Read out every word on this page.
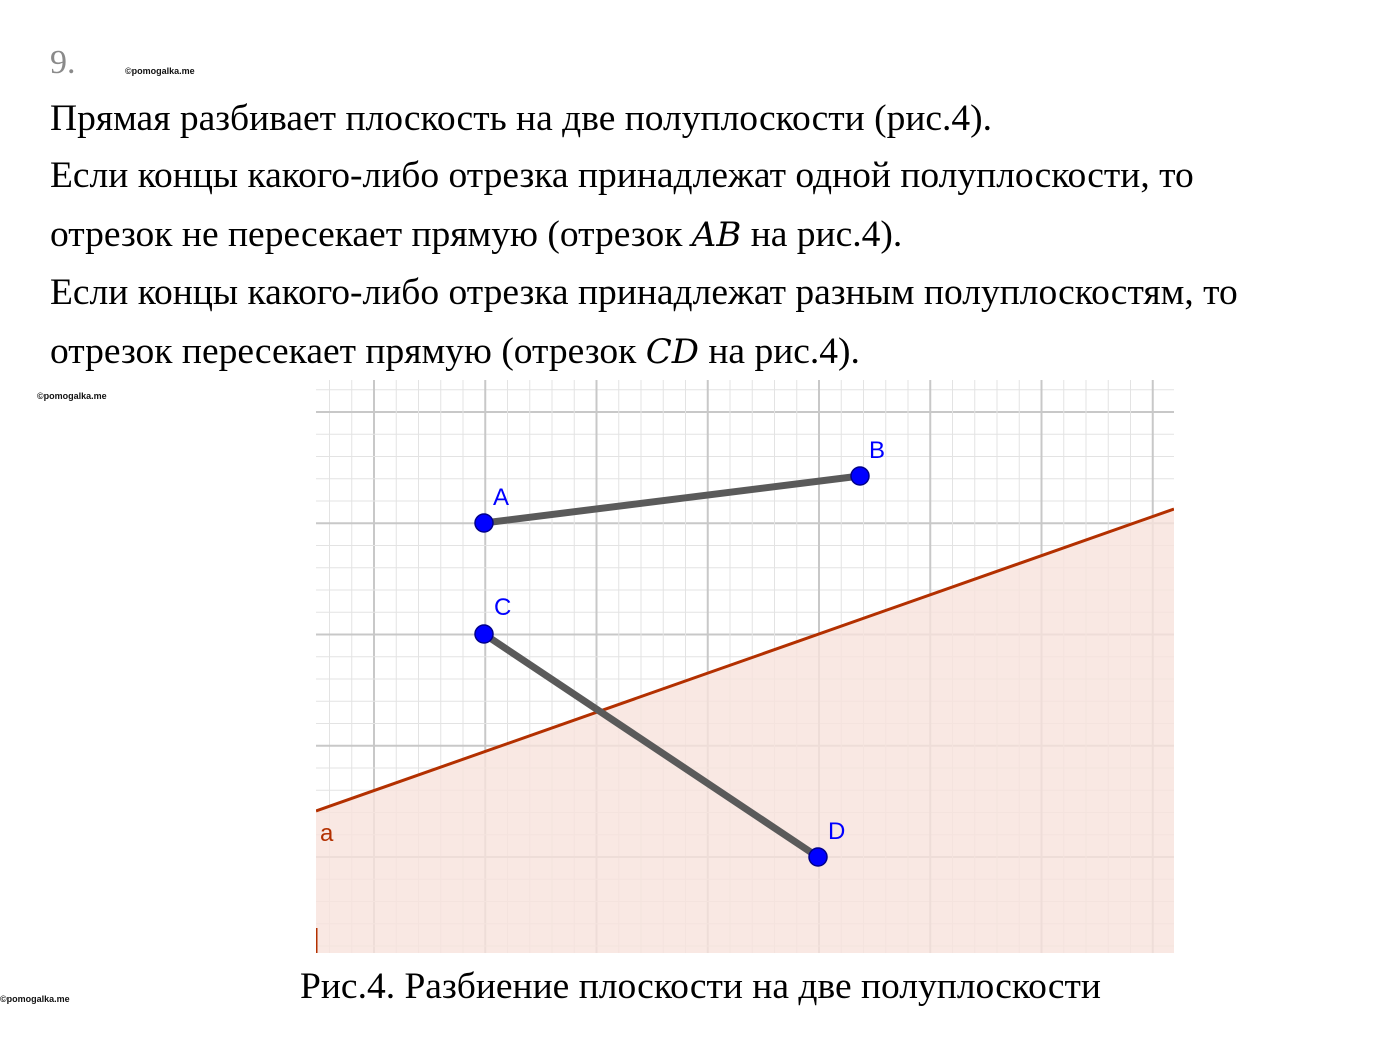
9.	©pomogalka.me
Прямая разбивает плоскость на две полуплоскости (рис.4).
Если концы какого-либо отрезка принадлежат одной полуплоскости, то
отрезок не пересекает прямую (отрезок AB на рис.4).
Если концы какого-либо отрезка принадлежат разным полуплоскостям, то
отрезок пересекает прямую (отрезок CD на рис.4).
©pomogalka.me
A
B
C
D
a
Рис.4. Разбиение плоскости на две полуплоскости
©pomogalka.me
